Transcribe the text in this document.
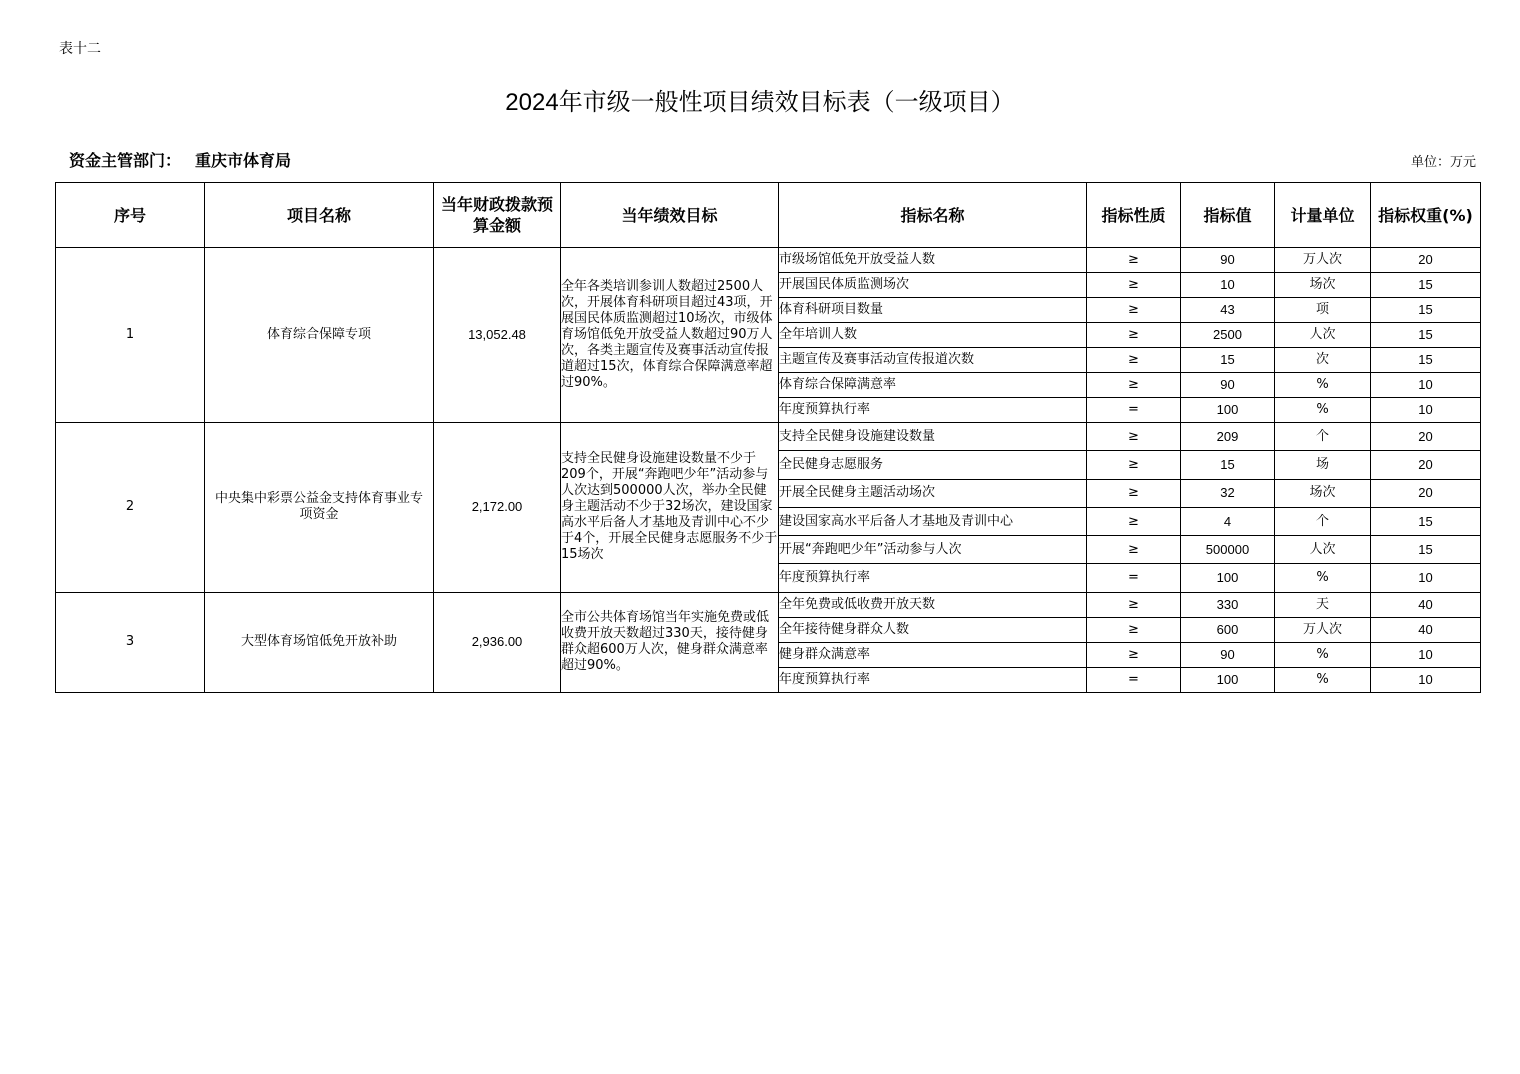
表十二
2024年市级一般性项目绩效目标表（一级项目）
资金主管部门： 重庆市体育局	单位：万元
序号	项目名称	当年财政拨款预算金额	当年绩效目标	指标名称	指标性质	指标值	计量单位	指标权重(%)
1	体育综合保障专项	13,052.48	全年各类培训参训人数超过2500人次，开展体育科研项目超过43项，开展国民体质监测超过10场次，市级体育场馆低免开放受益人数超过90万人次，各类主题宣传及赛事活动宣传报道超过15次，体育综合保障满意率超过90%。	市级场馆低免开放受益人数	≥	90	万人次	20
				开展国民体质监测场次	≥	10	场次	15
				体育科研项目数量	≥	43	项	15
				全年培训人数	≥	2500	人次	15
				主题宣传及赛事活动宣传报道次数	≥	15	次	15
				体育综合保障满意率	≥	90	%	10
				年度预算执行率	=	100	%	10
2	中央集中彩票公益金支持体育事业专项资金	2,172.00	支持全民健身设施建设数量不少于209个，开展“奔跑吧少年”活动参与人次达到500000人次，举办全民健身主题活动不少于32场次，建设国家高水平后备人才基地及青训中心不少于4个，开展全民健身志愿服务不少于15场次	支持全民健身设施建设数量	≥	209	个	20
				全民健身志愿服务	≥	15	场	20
				开展全民健身主题活动场次	≥	32	场次	20
				建设国家高水平后备人才基地及青训中心	≥	4	个	15
				开展“奔跑吧少年”活动参与人次	≥	500000	人次	15
				年度预算执行率	=	100	%	10
3	大型体育场馆低免开放补助	2,936.00	全市公共体育场馆当年实施免费或低收费开放天数超过330天，接待健身群众超600万人次，健身群众满意率超过90%。	全年免费或低收费开放天数	≥	330	天	40
				全年接待健身群众人数	≥	600	万人次	40
				健身群众满意率	≥	90	%	10
				年度预算执行率	=	100	%	10
